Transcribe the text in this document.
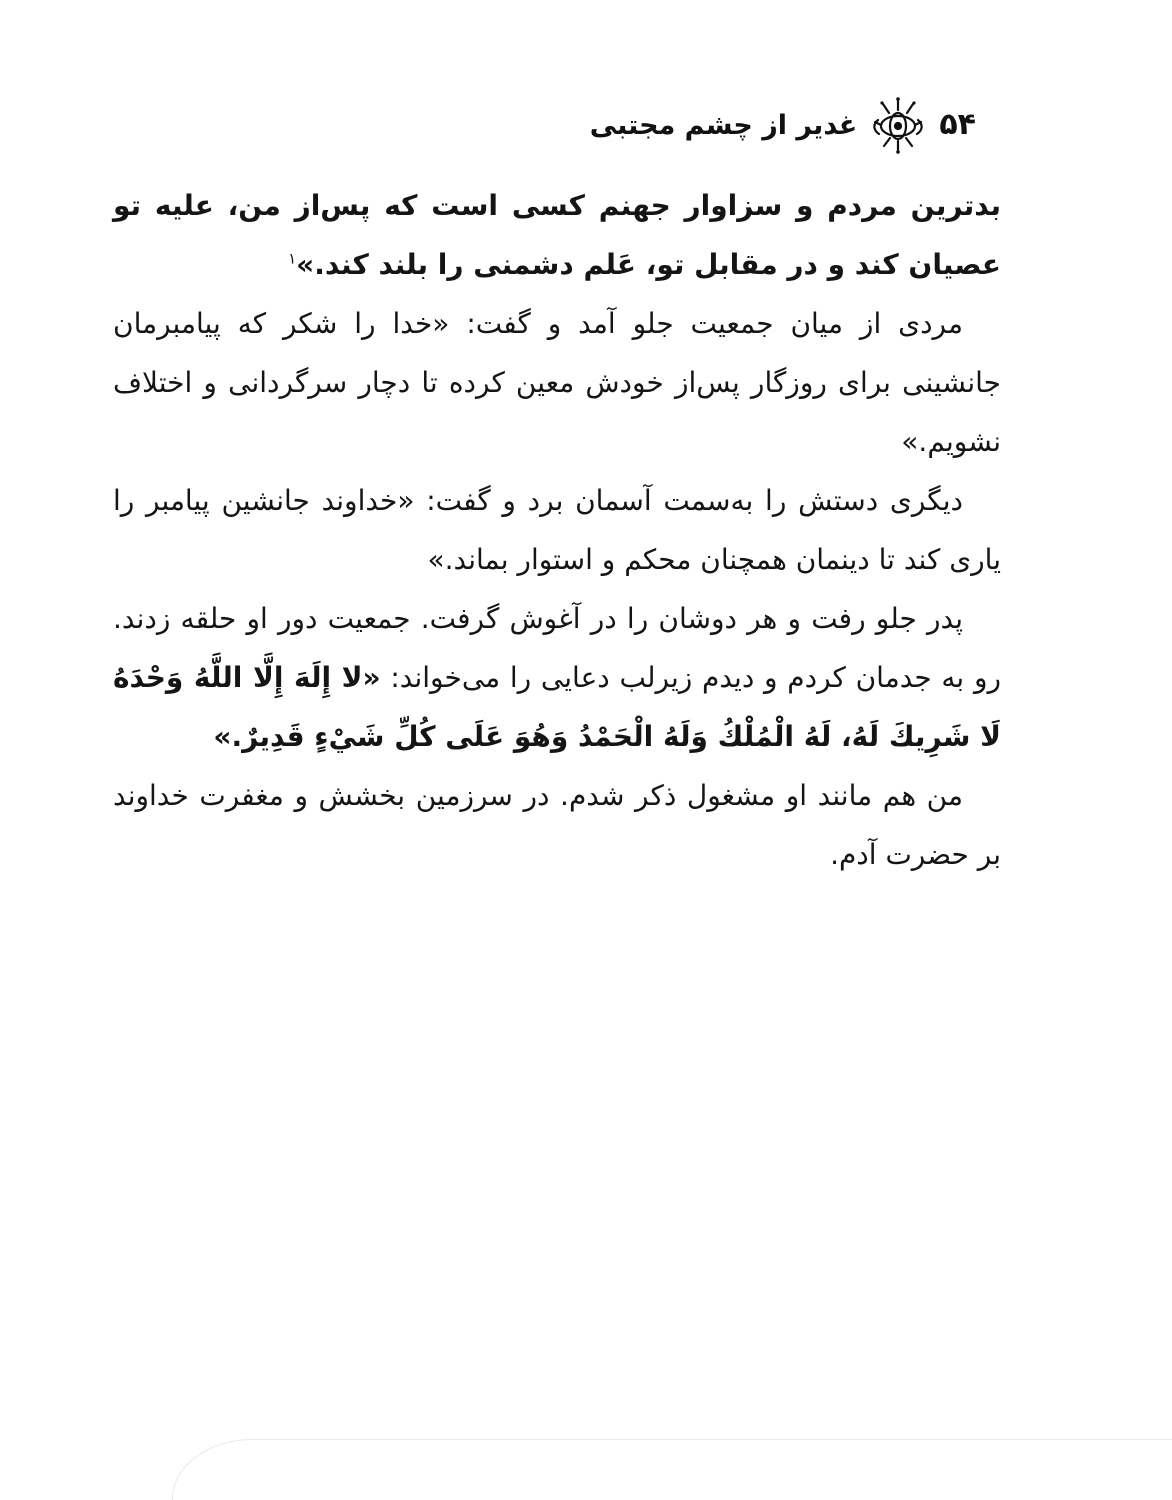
غدیر از چشم مجتبی	۵۴

بدترین مردم و سزاوار جهنم کسی است که پس‌از من، علیه تو عصیان کند و در مقابل تو، عَلم دشمنی را بلند کند.»$^۱$

مردی از میان جمعیت جلو آمد و گفت: «خدا را شکر که پیامبرمان جانشینی برای روزگار پس‌از خودش معین کرده تا دچار سرگردانی و اختلاف نشویم.»

دیگری دستش را به‌سمت آسمان برد و گفت: «خداوند جانشین پیامبر را یاری کند تا دینمان همچنان محکم و استوار بماند.»

پدر جلو رفت و هر دوشان را در آغوش گرفت. جمعیت دور او حلقه زدند. رو به جدمان کردم و دیدم زیرلب دعایی را می‌خواند: «لا إِلَهَ إِلَّا اللَّهُ وَحْدَهُ لَا شَرِيكَ لَهُ، لَهُ الْمُلْكُ وَلَهُ الْحَمْدُ وَهُوَ عَلَى كُلِّ شَيْءٍ قَدِيرٌ.»

من هم مانند او مشغول ذکر شدم. در سرزمین بخشش و مغفرت خداوند بر حضرت آدم.
